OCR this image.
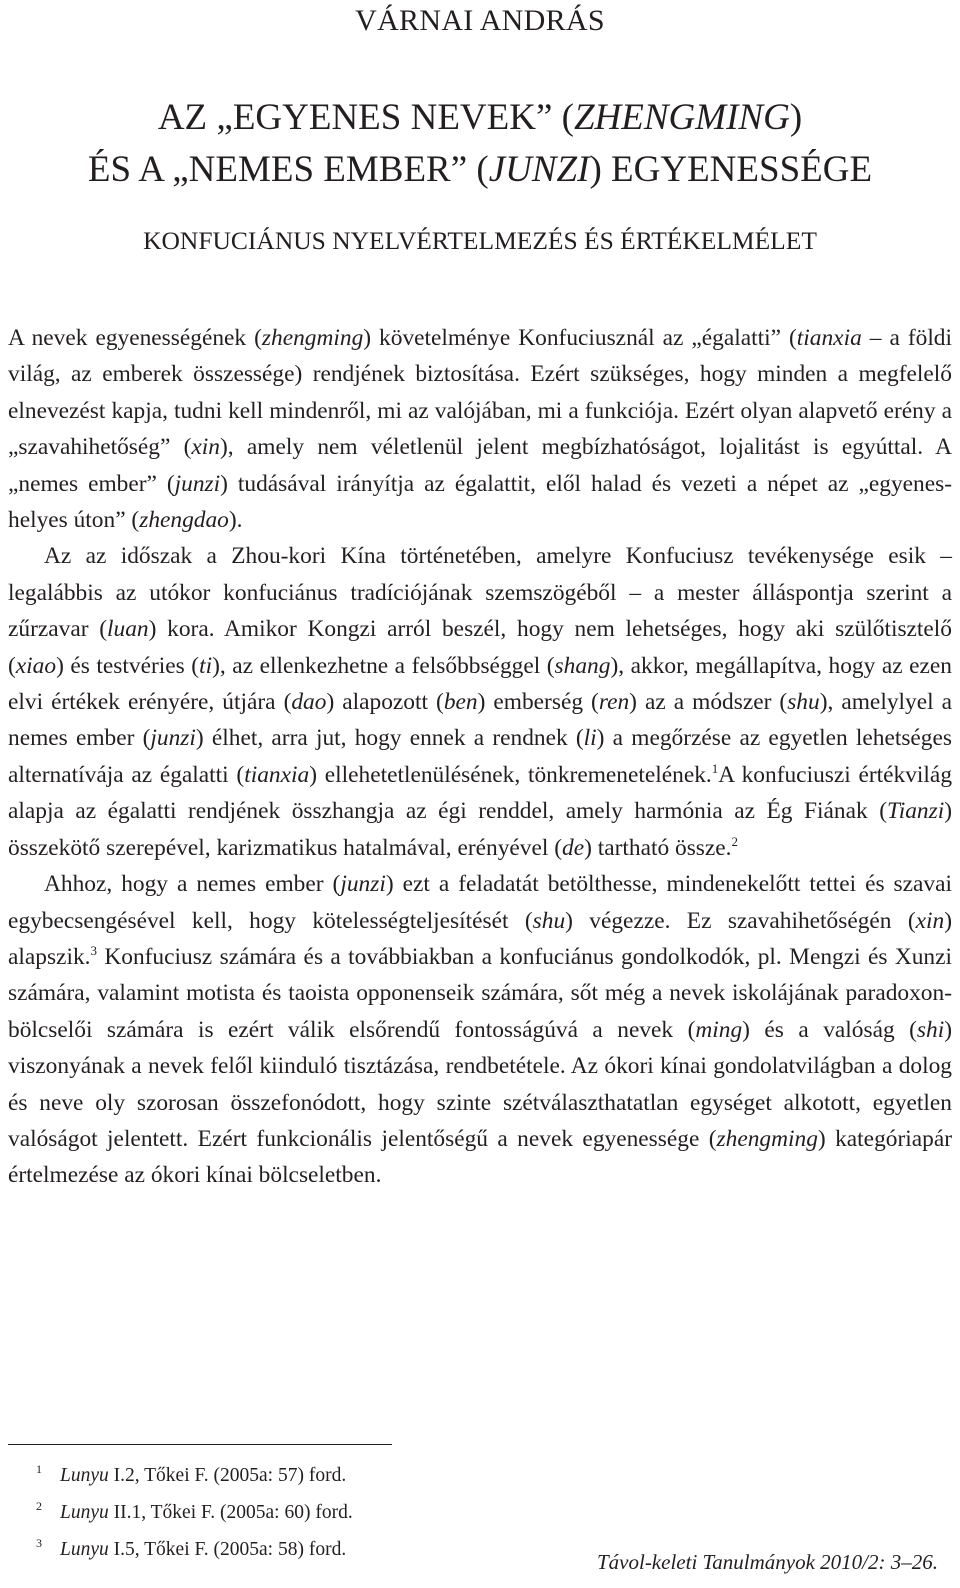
VÁRNAI ANDRÁS
AZ „EGYENES NEVEK” (ZHENGMING)
ÉS A „NEMES EMBER” (JUNZI) EGYENESSÉGE
KONFUCIÁNUS NYELVÉRTELMEZÉS ÉS ÉRTÉKELMÉLET

A nevek egyenességének (zhengming) követelménye Konfuciusznál az „égalatti” (tianxia – a földi világ, az emberek összessége) rendjének biztosítása. Ezért szükséges, hogy minden a megfelelő elnevezést kapja, tudni kell mindenről, mi az valójában, mi a funkciója. Ezért olyan alapvető erény a „szavahihetőség” (xin), amely nem véletlenül jelent megbízhatóságot, lojalitást is egyúttal. A „nemes ember” (junzi) tudásával irányítja az égalattit, elől halad és vezeti a népet az „egyenes-helyes úton” (zhengdao).

Az az időszak a Zhou-kori Kína történetében, amelyre Konfuciusz tevékenysége esik – legalábbis az utókor konfuciánus tradíciójának szemszögéből – a mester álláspontja szerint a zűrzavar (luan) kora. Amikor Kongzi arról beszél, hogy nem lehetséges, hogy aki szülőtisztelő (xiao) és testvéries (ti), az ellenkezhetne a felsőbbséggel (shang), akkor, megállapítva, hogy az ezen elvi értékek erényére, útjára (dao) alapozott (ben) emberség (ren) az a módszer (shu), amelylyel a nemes ember (junzi) élhet, arra jut, hogy ennek a rendnek (li) a megőrzése az egyetlen lehetséges alternatívája az égalatti (tianxia) ellehetetlenülésének, tönkremenetelének.$^1$A konfuciuszi értékvilág alapja az égalatti rendjének összhangja az égi renddel, amely harmónia az Ég Fiának (Tianzi) összekötő szerepével, karizmatikus hatalmával, erényével (de) tartható össze.$^2$

Ahhoz, hogy a nemes ember (junzi) ezt a feladatát betölthesse, mindenekelőtt tettei és szavai egybecsengésével kell, hogy kötelességteljesítését (shu) végezze. Ez szavahihetőségén (xin) alapszik.$^3$ Konfuciusz számára és a továbbiakban a konfuciánus gondolkodók, pl. Mengzi és Xunzi számára, valamint motista és taoista opponenseik számára, sőt még a nevek iskolájának paradoxon-bölcselői számára is ezért válik elsőrendű fontosságúvá a nevek (ming) és a valóság (shi) viszonyának a nevek felől kiinduló tisztázása, rendbetétele. Az ókori kínai gondolatvilágban a dolog és neve oly szorosan összefonódott, hogy szinte szétválaszthatatlan egységet alkotott, egyetlen valóságot jelentett. Ezért funkcionális jelentőségű a nevek egyenessége (zhengming) kategóriapár értelmezése az ókori kínai bölcseletben.

1 Lunyu I.2, Tőkei F. (2005a: 57) ford.
2 Lunyu II.1, Tőkei F. (2005a: 60) ford.
3 Lunyu I.5, Tőkei F. (2005a: 58) ford.
Távol-keleti Tanulmányok 2010/2: 3–26.
